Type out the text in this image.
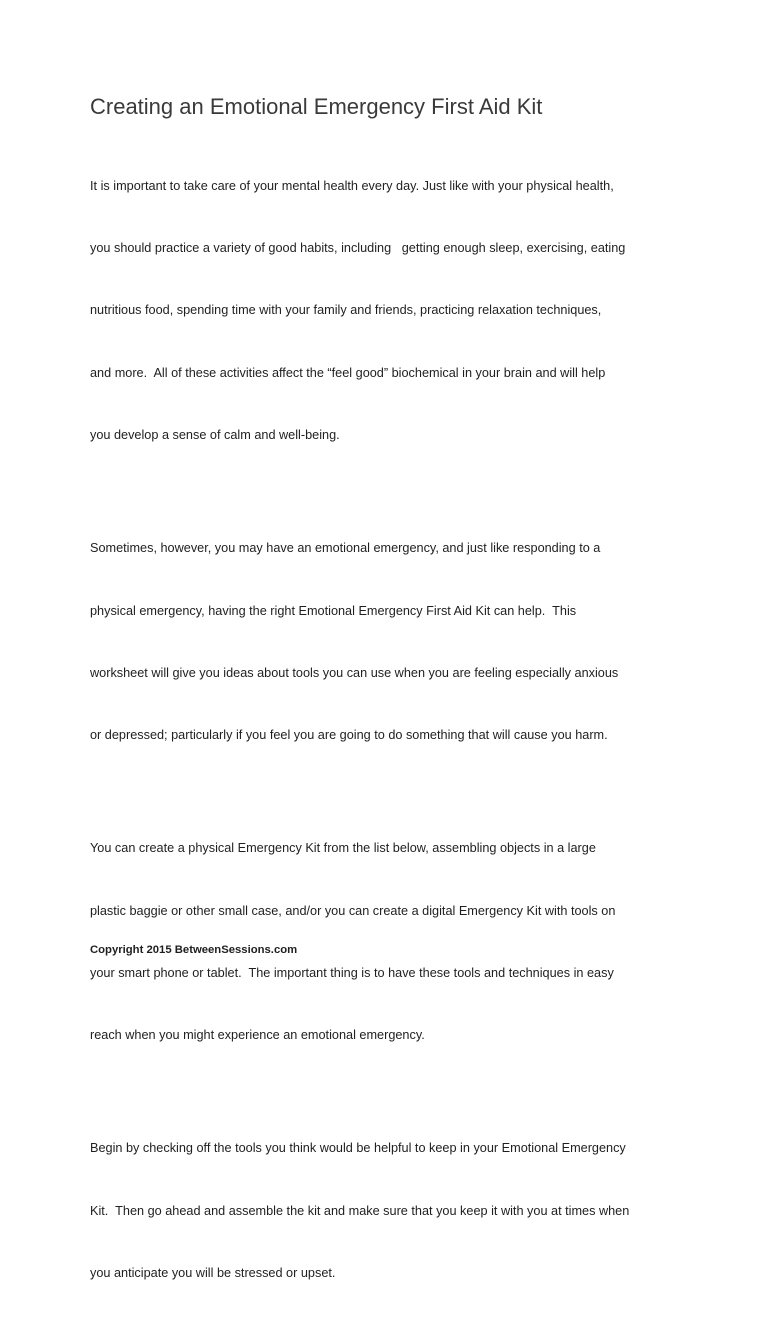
Creating an Emotional Emergency First Aid Kit

It is important to take care of your mental health every day. Just like with your physical health,

you should practice a variety of good habits, including   getting enough sleep, exercising, eating

nutritious food, spending time with your family and friends, practicing relaxation techniques,

and more.  All of these activities affect the “feel good” biochemical in your brain and will help

you develop a sense of calm and well-being.

Sometimes, however, you may have an emotional emergency, and just like responding to a

physical emergency, having the right Emotional Emergency First Aid Kit can help.  This

worksheet will give you ideas about tools you can use when you are feeling especially anxious

or depressed; particularly if you feel you are going to do something that will cause you harm.

You can create a physical Emergency Kit from the list below, assembling objects in a large

plastic baggie or other small case, and/or you can create a digital Emergency Kit with tools on

your smart phone or tablet.  The important thing is to have these tools and techniques in easy

reach when you might experience an emotional emergency.

Begin by checking off the tools you think would be helpful to keep in your Emotional Emergency

Kit.  Then go ahead and assemble the kit and make sure that you keep it with you at times when

you anticipate you will be stressed or upset.

Copyright 2015 BetweenSessions.com
